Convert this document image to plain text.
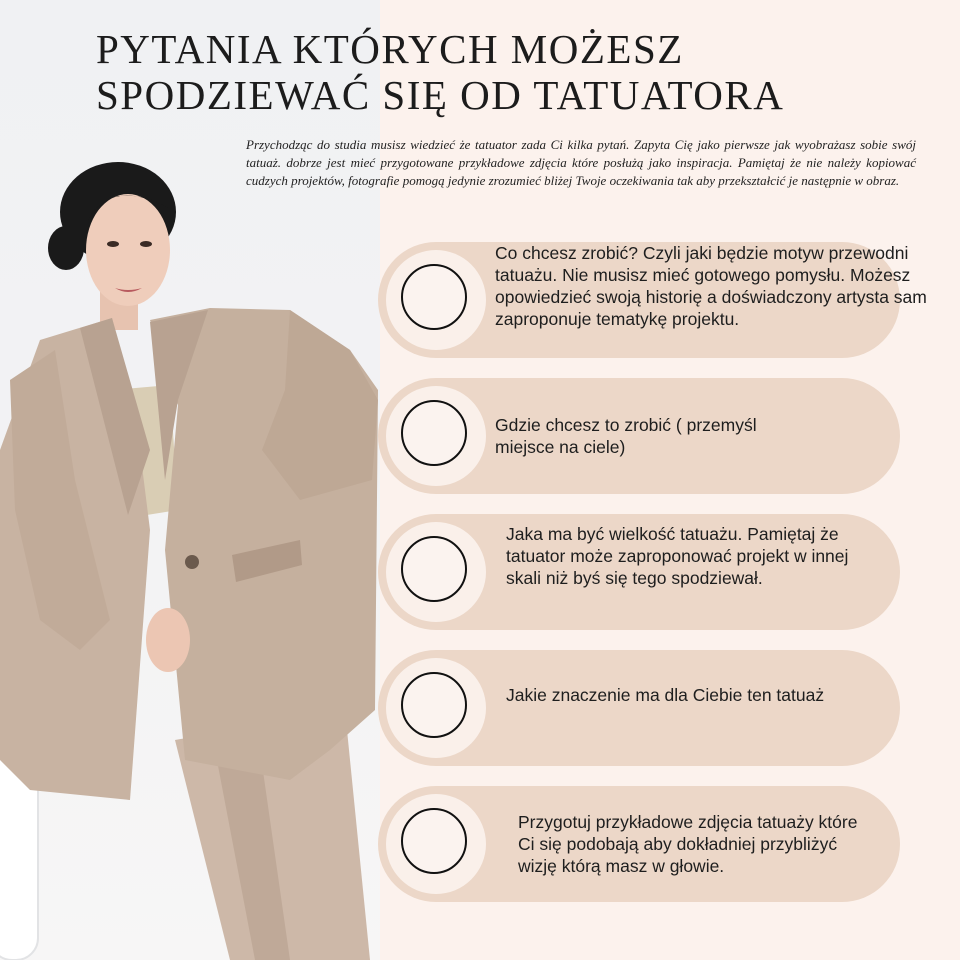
PYTANIA KTÓRYCH MOŻESZ
SPODZIEWAĆ SIĘ OD TATUATORA

Przychodząc do studia musisz wiedzieć że tatuator zada Ci kilka pytań. Zapyta Cię jako pierwsze jak wyobrażasz sobie swój tatuaż. dobrze jest mieć przygotowane przykładowe zdjęcia które posłużą jako inspiracja. Pamiętaj że nie należy kopiować cudzych projektów, fotografie pomogą jedynie zrozumieć bliżej Twoje oczekiwania tak aby przekształcić je następnie w obraz.

Co chcesz zrobić? Czyli jaki będzie motyw przewodni tatuażu. Nie musisz mieć gotowego pomysłu. Możesz opowiedzieć swoją historię a doświadczony artysta sam zaproponuje tematykę projektu.
Gdzie chcesz to zrobić ( przemyśl miejsce na ciele)
Jaka ma być wielkość tatuażu. Pamiętaj że tatuator może zaproponować projekt w innej skali niż byś się tego spodziewał.
Jakie znaczenie ma dla Ciebie ten tatuaż
Przygotuj przykładowe zdjęcia tatuaży które Ci się podobają aby dokładniej przybliżyć wizję którą masz w głowie.
